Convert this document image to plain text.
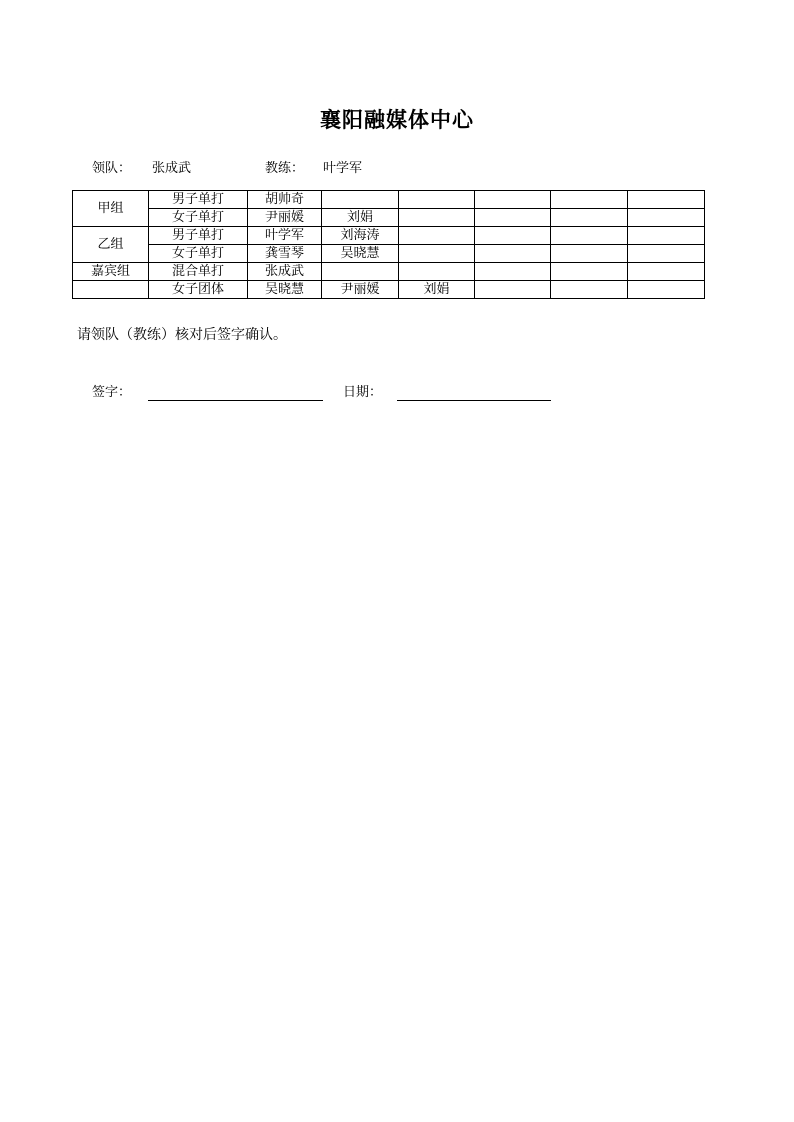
襄阳融媒体中心
领队： 张成武	教练： 叶学军
甲组	男子单打	胡帅奇					
	女子单打	尹丽媛	刘娟				
乙组	男子单打	叶学军	刘海涛				
	女子单打	龚雪琴	吴晓慧				
嘉宾组	混合单打	张成武					
	女子团体	吴晓慧	尹丽媛	刘娟			
请领队（教练）核对后签字确认。
签字：	日期：
